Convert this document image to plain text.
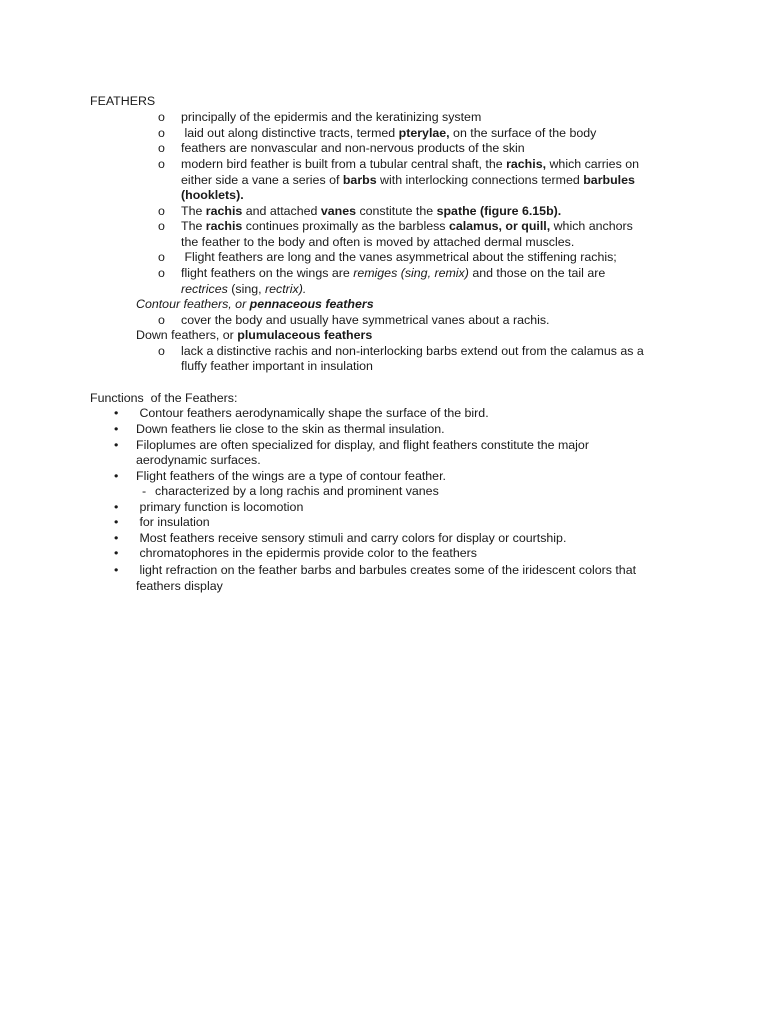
FEATHERS
o principally of the epidermis and the keratinizing system
o laid out along distinctive tracts, termed pterylae, on the surface of the body
o feathers are nonvascular and non-nervous products of the skin
o modern bird feather is built from a tubular central shaft, the rachis, which carries on
either side a vane a series of barbs with interlocking connections termed barbules
(hooklets).
o The rachis and attached vanes constitute the spathe (figure 6.15b).
o The rachis continues proximally as the barbless calamus, or quill, which anchors
the feather to the body and often is moved by attached dermal muscles.
o Flight feathers are long and the vanes asymmetrical about the stiffening rachis;
o flight feathers on the wings are remiges (sing, remix) and those on the tail are
rectrices (sing, rectrix).
Contour feathers, or pennaceous feathers
o cover the body and usually have symmetrical vanes about a rachis.
Down feathers, or plumulaceous feathers
o lack a distinctive rachis and non-interlocking barbs extend out from the calamus as a
fluffy feather important in insulation
Functions  of the Feathers:
• Contour feathers aerodynamically shape the surface of the bird.
• Down feathers lie close to the skin as thermal insulation.
• Filoplumes are often specialized for display, and flight feathers constitute the major
aerodynamic surfaces.
• Flight feathers of the wings are a type of contour feather.
- characterized by a long rachis and prominent vanes
• primary function is locomotion
• for insulation
• Most feathers receive sensory stimuli and carry colors for display or courtship.
• chromatophores in the epidermis provide color to the feathers
• light refraction on the feather barbs and barbules creates some of the iridescent colors that
feathers display
